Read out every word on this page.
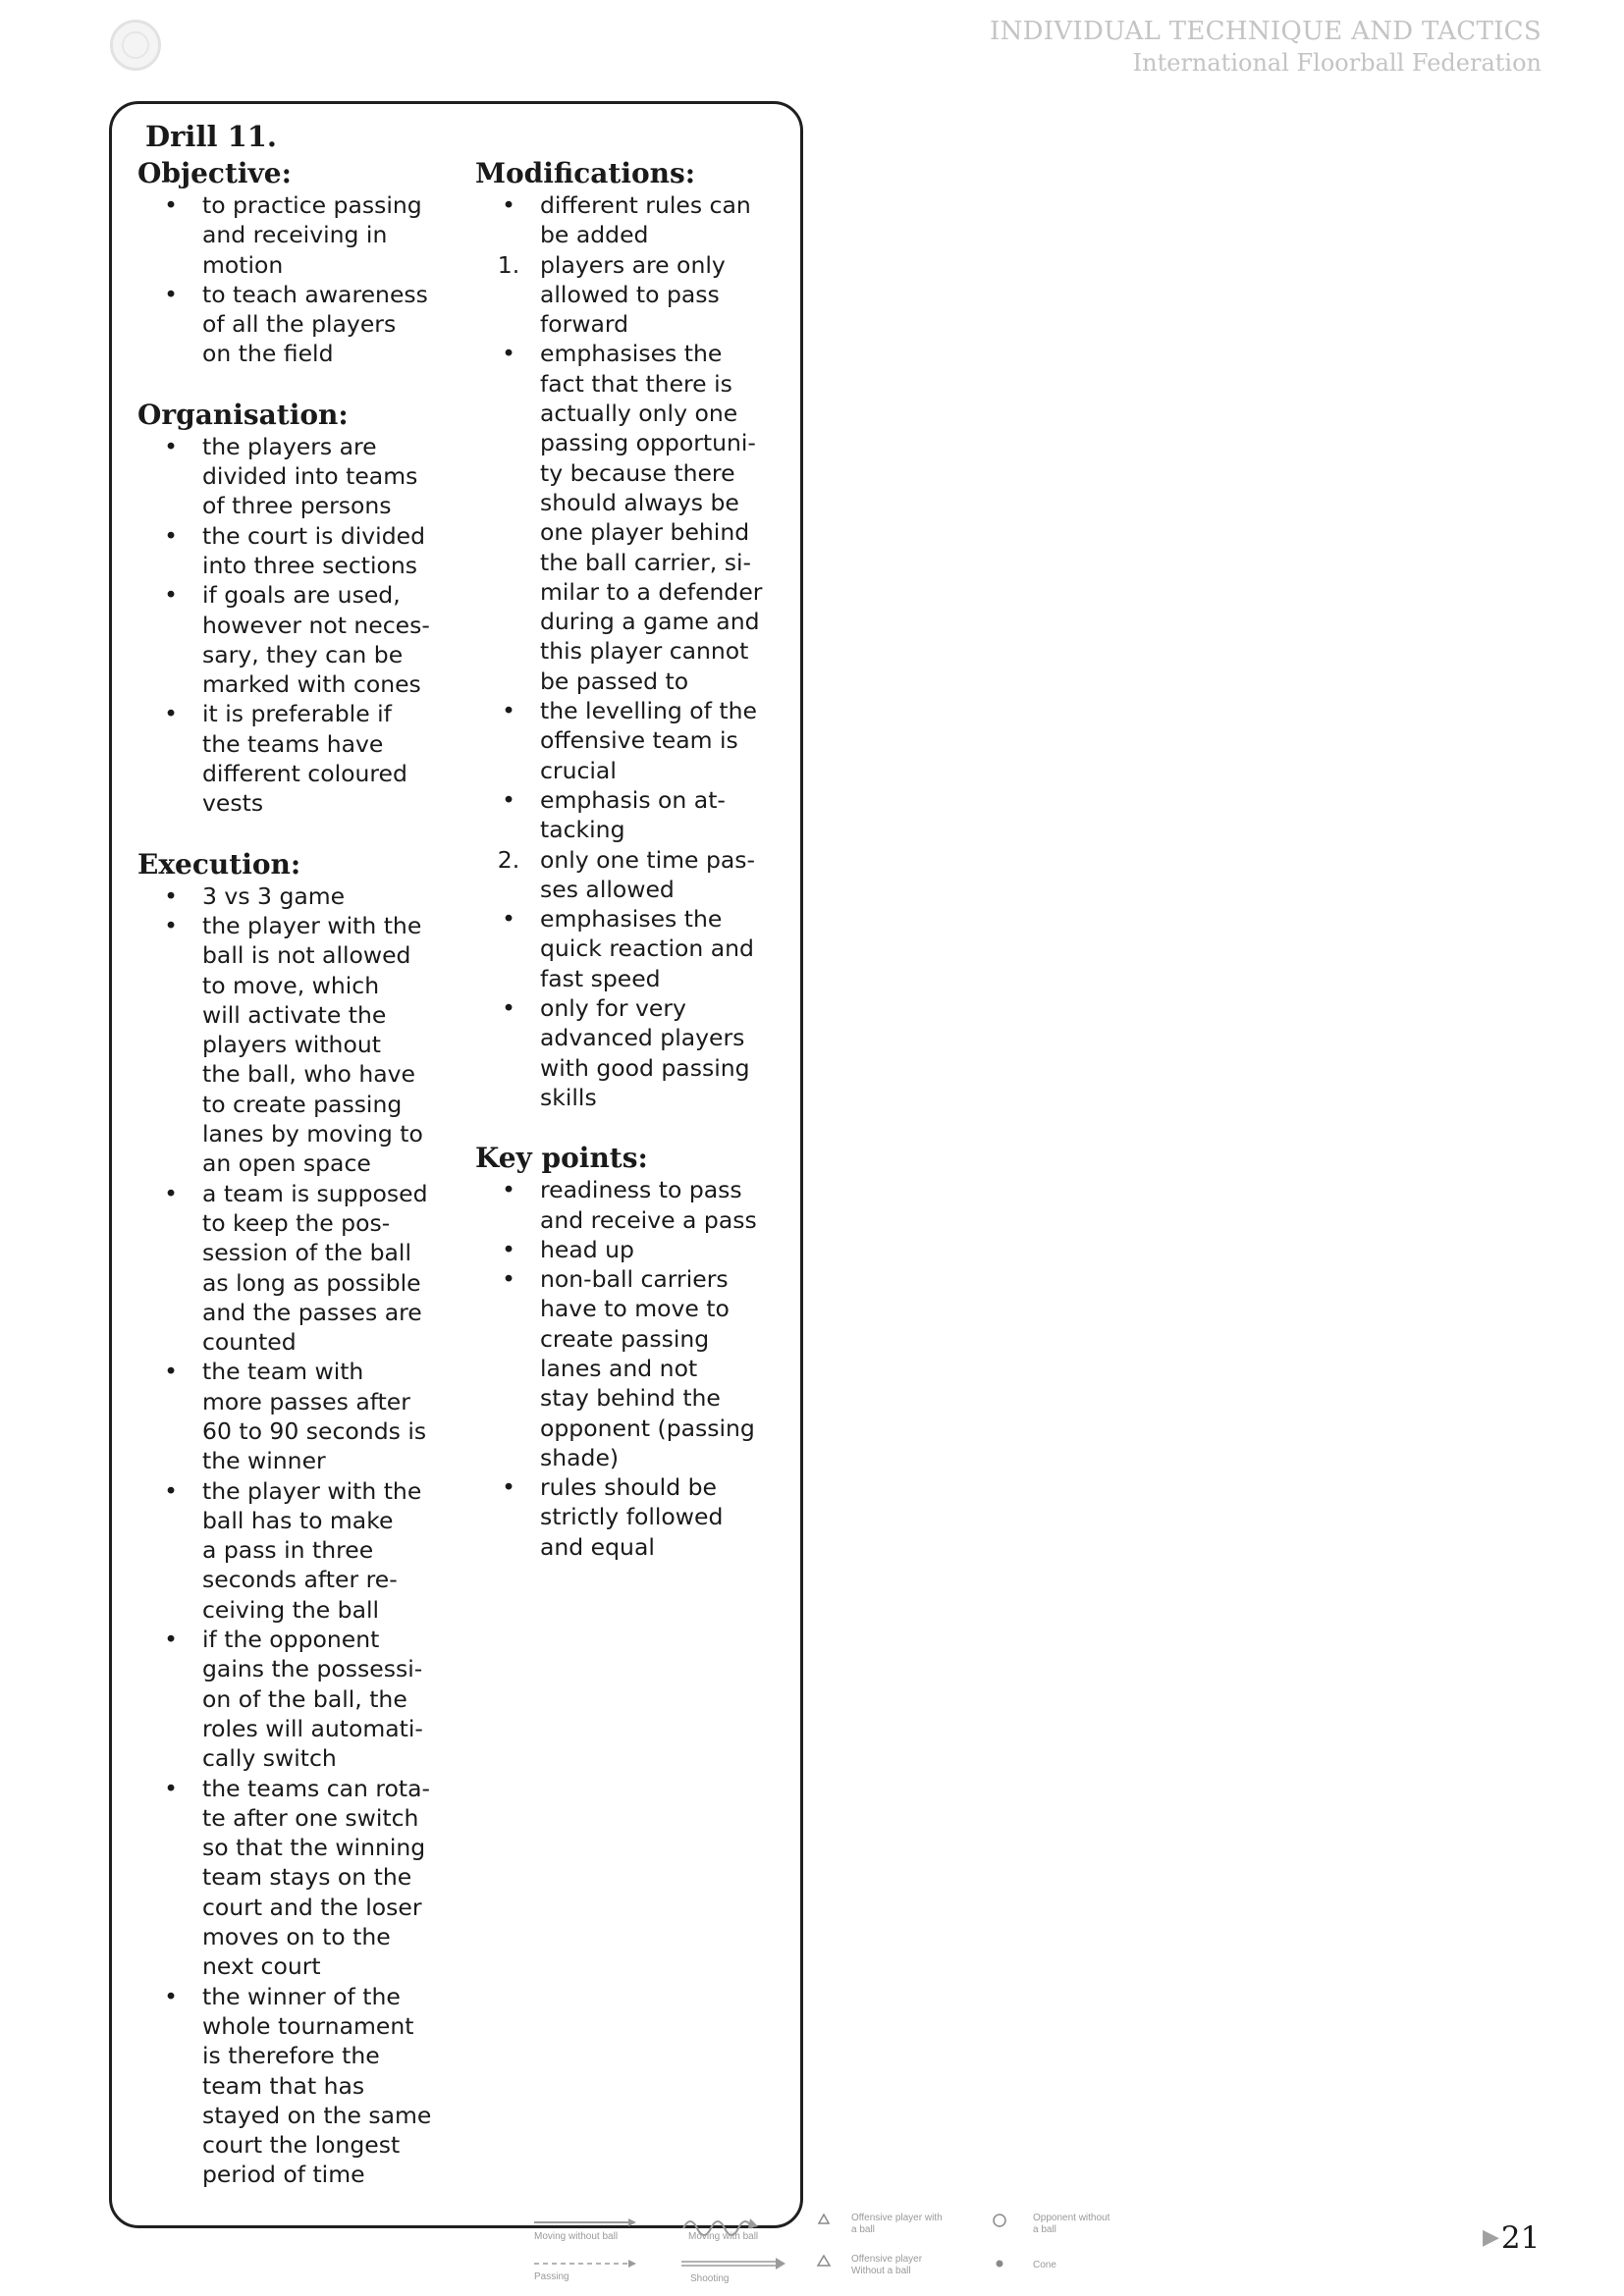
INDIVIDUAL TECHNIQUE AND TACTICS
International Floorball Federation
Drill 11.
Objective:
•	to practice passing
and receiving in
motion
•	to teach awareness
of all the players
on the field
Organisation:
•	the players are
divided into teams
of three persons
•	the court is divided
into three sections
•	if goals are used,
however not neces-
sary, they can be
marked with cones
•	it is preferable if
the teams have
different coloured
vests
Execution:
•	3 vs 3 game
•	the player with the
ball is not allowed
to move, which
will activate the
players without
the ball, who have
to create passing
lanes by moving to
an open space
•	a team is supposed
to keep the pos-
session of the ball
as long as possible
and the passes are
counted
•	the team with
more passes after
60 to 90 seconds is
the winner
•	the player with the
ball has to make
a pass in three
seconds after re-
ceiving the ball
•	if the opponent
gains the possessi-
on of the ball, the
roles will automati-
cally switch
•	the teams can rota-
te after one switch
so that the winning
team stays on the
court and the loser
moves on to the
next court
•	the winner of the
whole tournament
is therefore the
team that has
stayed on the same
court the longest
period of time
Modifications:
•	different rules can
be added
1. players are only
allowed to pass
forward
•	emphasises the
fact that there is
actually only one
passing opportuni-
ty because there
should always be
one player behind
the ball carrier, si-
milar to a defender
during a game and
this player cannot
be passed to
•	the levelling of the
offensive team is
crucial
•	emphasis on at-
tacking
2. only one time pas-
ses allowed
•	emphasises the
quick reaction and
fast speed
•	only for very
advanced players
with good passing
skills
Key points:
•	readiness to pass
and receive a pass
•	head up
•	non-ball carriers
have to move to
create passing
lanes and not
stay behind the
opponent (passing
shade)
•	rules should be
strictly followed
and equal
Moving without ball	Moving with ball
Offensive player with
a ball
Opponent without
a ball
Passing	Shooting
Offensive player
Without a ball
Cone
▶21
